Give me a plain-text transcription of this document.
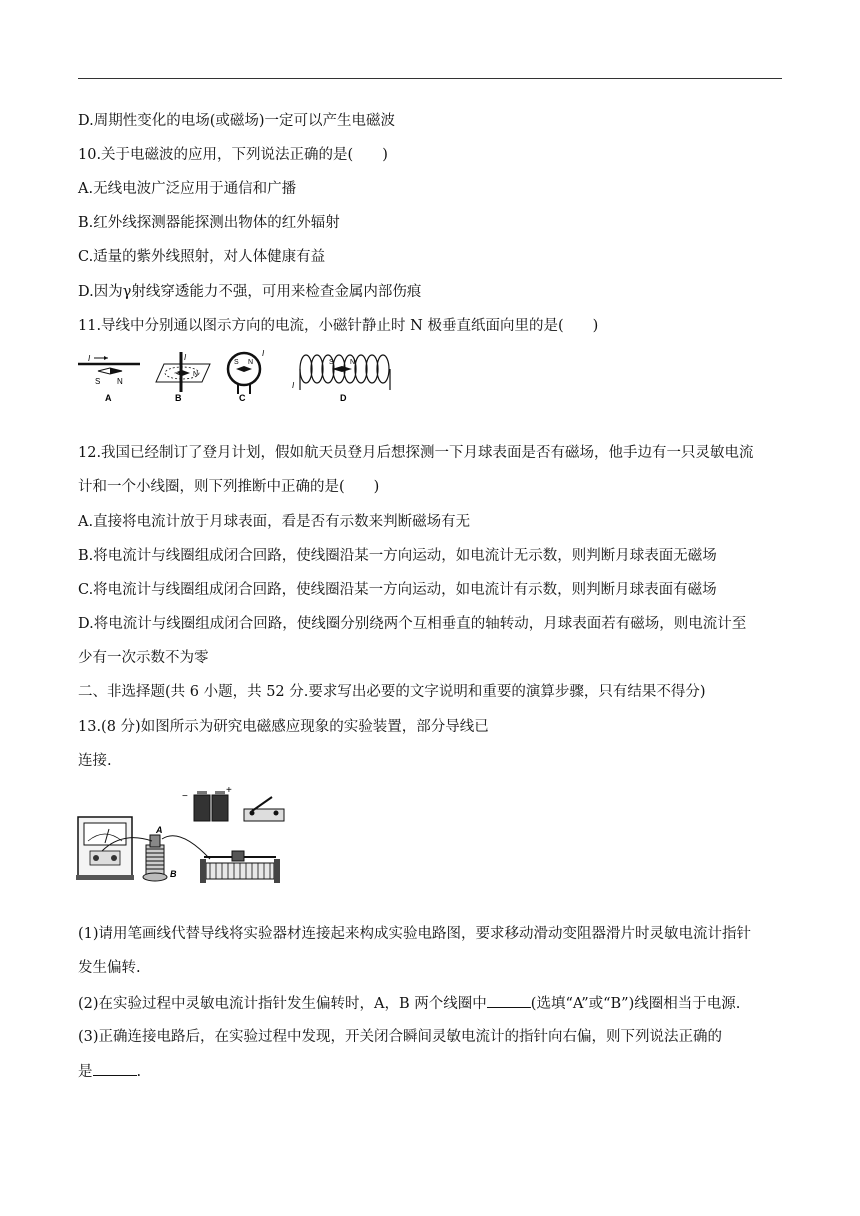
D.周期性变化的电场(或磁场)一定可以产生电磁波
10.关于电磁波的应用，下列说法正确的是(　　)
A.无线电波广泛应用于通信和广播
B.红外线探测器能探测出物体的红外辐射
C.适量的紫外线照射，对人体健康有益
D.因为γ射线穿透能力不强，可用来检查金属内部伤痕
11.导线中分别通以图示方向的电流，小磁针静止时 N 极垂直纸面向里的是(　　)
I
S N
A
S N
I
B
S N
I
C
S N
I
D
12.我国已经制订了登月计划，假如航天员登月后想探测一下月球表面是否有磁场，他手边有一只灵敏电流
计和一个小线圈，则下列推断中正确的是(　　)
A.直接将电流计放于月球表面，看是否有示数来判断磁场有无
B.将电流计与线圈组成闭合回路，使线圈沿某一方向运动，如电流计无示数，则判断月球表面无磁场
C.将电流计与线圈组成闭合回路，使线圈沿某一方向运动，如电流计有示数，则判断月球表面有磁场
D.将电流计与线圈组成闭合回路，使线圈分别绕两个互相垂直的轴转动，月球表面若有磁场，则电流计至
少有一次示数不为零
二、非选择题(共 6 小题，共 52 分.要求写出必要的文字说明和重要的演算步骤，只有结果不得分)
13.(8 分)如图所示为研究电磁感应现象的实验装置，部分导线已
连接.
A
B
−
+
(1)请用笔画线代替导线将实验器材连接起来构成实验电路图，要求移动滑动变阻器滑片时灵敏电流计指针
发生偏转.
(2)在实验过程中灵敏电流计指针发生偏转时，A，B 两个线圈中	(选填“A”或“B”)线圈相当于电源.
(3)正确连接电路后，在实验过程中发现，开关闭合瞬间灵敏电流计的指针向右偏，则下列说法正确的
是	.
